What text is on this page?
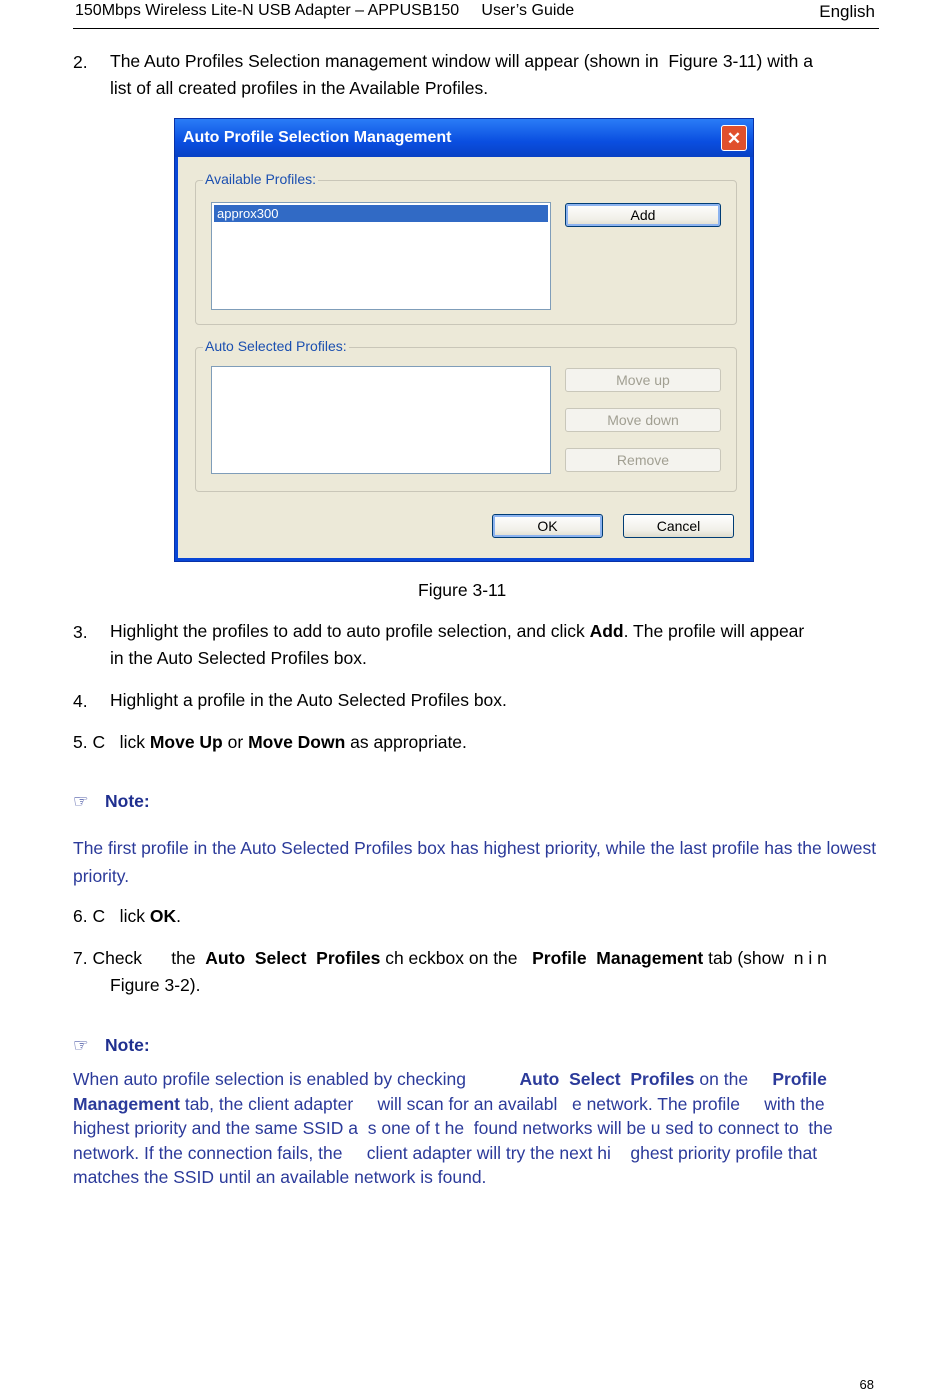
150Mbps Wireless Lite-N USB Adapter – APPUSB150     User’s Guide	English
2. The Auto Profiles Selection management window will appear (shown in  Figure 3-11) with a
list of all created profiles in the Available Profiles.
Auto Profile Selection Management	✕
Available Profiles:
approx300	Add
Auto Selected Profiles:
Move up
Move down
Remove
OK	Cancel
Figure 3-11
3. Highlight the profiles to add to auto profile selection, and click Add. The profile will appear
in the Auto Selected Profiles box.
4. Highlight a profile in the Auto Selected Profiles box.
5. C   lick Move Up or Move Down as appropriate.
☞ Note:
The first profile in the Auto Selected Profiles box has highest priority, while the last profile has the lowest priority.
6. C   lick OK.
7. Check      the  Auto  Select  Profiles ch eckbox on the   Profile  Management tab (show  n i n
Figure 3-2).
☞ Note:
When auto profile selection is enabled by checking           Auto  Select  Profiles on the     Profile
Management tab, the client adapter     will scan for an availabl   e network. The profile     with the
highest priority and the same SSID a  s one of t he  found networks will be u sed to connect to  the
network. If the connection fails, the     client adapter will try the next hi    ghest priority profile that
matches the SSID until an available network is found.
68
